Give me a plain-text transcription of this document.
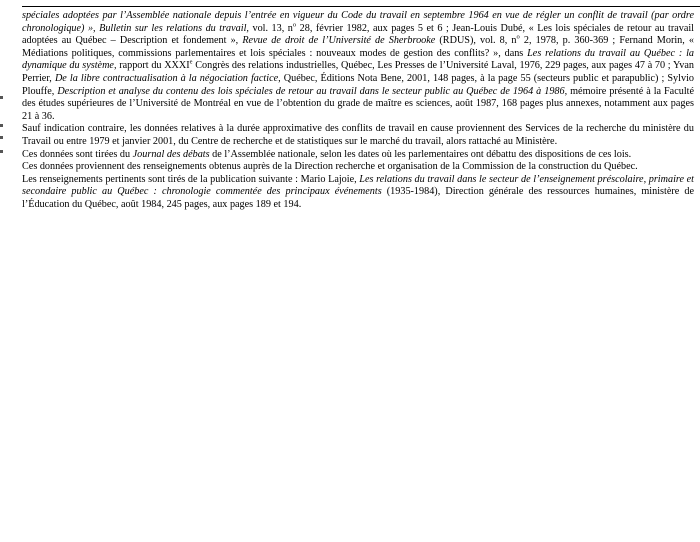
spéciales adoptées par l’Assemblée nationale depuis l’entrée en vigueur du Code du travail en septembre 1964 en vue de régler un conflit de travail (par ordre chronologique) », Bulletin sur les relations du travail, vol. 13, $n^o$ 28, février 1982, aux pages 5 et 6 ; Jean-Louis Dubé, « Les lois spéciales de retour au travail adoptées au Québec – Description et fondement », Revue de droit de l’Université de Sherbrooke (RDUS), vol. 8, $n^o$ 2, 1978, p. 360-369 ; Fernand Morin, « Médiations politiques, commissions parlementaires et lois spéciales : nouveaux modes de gestion des conflits? », dans Les relations du travail au Québec : la dynamique du système, rapport du XXXIe Congrès des relations industrielles, Québec, Les Presses de l’Université Laval, 1976, 229 pages, aux pages 47 à 70 ; Yvan Perrier, De la libre contractualisation à la négociation factice, Québec, Éditions Nota Bene, 2001, 148 pages, à la page 55 (secteurs public et parapublic) ; Sylvio Plouffe, Description et analyse du contenu des lois spéciales de retour au travail dans le secteur public au Québec de 1964 à 1986, mémoire présenté à la Faculté des études supérieures de l’Université de Montréal en vue de l’obtention du grade de maître es sciences, août 1987, 168 pages plus annexes, notamment aux pages 21 à 36.

Sauf indication contraire, les données relatives à la durée approximative des conflits de travail en cause proviennent des Services de la recherche du ministère du Travail ou entre 1979 et janvier 2001, du Centre de recherche et de statistiques sur le marché du travail, alors rattaché au Ministère.

Ces données sont tirées du Journal des débats de l’Assemblée nationale, selon les dates où les parlementaires ont débattu des dispositions de ces lois.

Ces données proviennent des renseignements obtenus auprès de la Direction recherche et organisation de la Commission de la construction du Québec.

Les renseignements pertinents sont tirés de la publication suivante : Mario Lajoie, Les relations du travail dans le secteur de l’enseignement préscolaire, primaire et secondaire public au Québec : chronologie commentée des principaux événements (1935-1984), Direction générale des ressources humaines, ministère de l’Éducation du Québec, août 1984, 245 pages, aux pages 189 et 194.
